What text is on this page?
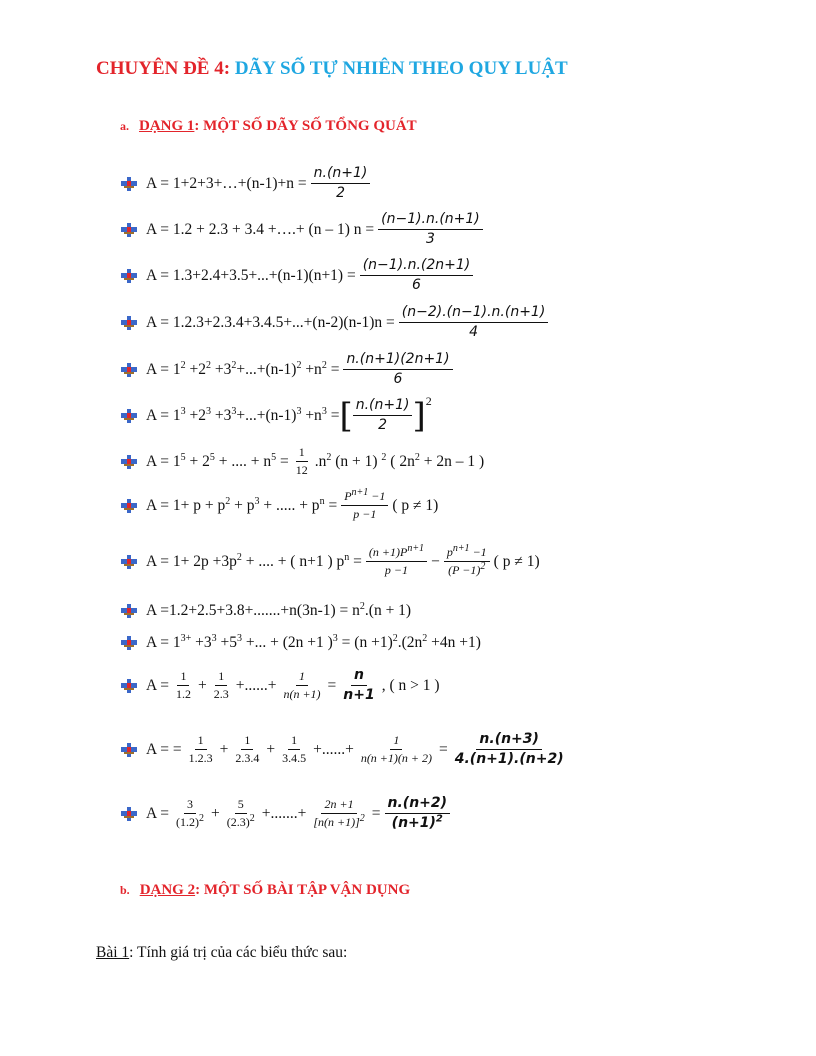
CHUYÊN ĐỀ 4: DÃY SỐ TỰ NHIÊN THEO QUY LUẬT
a. DẠNG 1: MỘT SỐ DÃY SỐ TỔNG QUÁT
A = 1+2+3+…+(n-1)+n = $\frac{n.(n+1)}{2}$
A = 1.2 + 2.3 + 3.4 +….+ (n – 1) $n = \frac{(n-1).n.(n+1)}{3}$
$A = 1.3+2.4+3.5+...+(n-1)(n+1) = \frac{(n-1).n.(2n+1)}{6}$
$A = 1.2.3+2.3.4+3.4.5+...+(n-2)(n-1)n = \frac{(n-2).(n-1).n.(n+1)}{4}$
$A = 1^2 +2^2 +3^2+...+(n-1)^2 +n^2 = \frac{n.(n+1)(2n+1)}{6}$
$A = 1^3 +2^3 +3^3+...+(n-1)^3 +n^3$ = [ $\frac{n.(n+1)}{2}$ ] 2
$A = 1^5 + 2^5$ + .... + $n^5 = \frac{1}{12} .n^2$ (n + 1) $^2$ ( $2n^2 + 2n - 1$ )
$A = 1+ p + p^2 + p^3$ + ..... + $p^n = \frac{P^{n+1} -1}{p -1}$ ( p ≠ 1)
$A = 1+ 2p +3p^2$ + .... + ( n+1 ) $p^n = \frac{(n +1)P^{n+1}}{p -1} - \frac{p^{n+1} -1}{(P -1)^2}$ ( p ≠ 1)
$A =1.2+2.5+3.8+.......+n(3n-1) = n^2.(n + 1)$
$A = 1^{3+} +3^3 +5^3$ +... + (2n +1 )$^3 = (n +1)^2.(2n^2 +4n +1)$
$A = \frac{1}{1.2} + \frac{1}{2.3}$ +......+ $\frac{1}{n(n +1)} = \frac{n}{n+1}$ , ( n > 1 )
A = = $\frac{1}{1.2.3} + \frac{1}{2.3.4} + \frac{1}{3.4.5}$ +......+ $\frac{1}{n(n +1)(n + 2)} = \frac{n.(n+3)}{4.(n+1).(n+2)}$
$A = \frac{3}{(1.2)^2} + \frac{5}{(2.3)^2}$ +.......+ $\frac{2n +1}{[n(n +1)]^2} = \frac{n.(n+2)}{(n+1)^2}$
b. DẠNG 2: MỘT SỐ BÀI TẬP VẬN DỤNG
Bài 1: Tính giá trị của các biểu thức sau:
